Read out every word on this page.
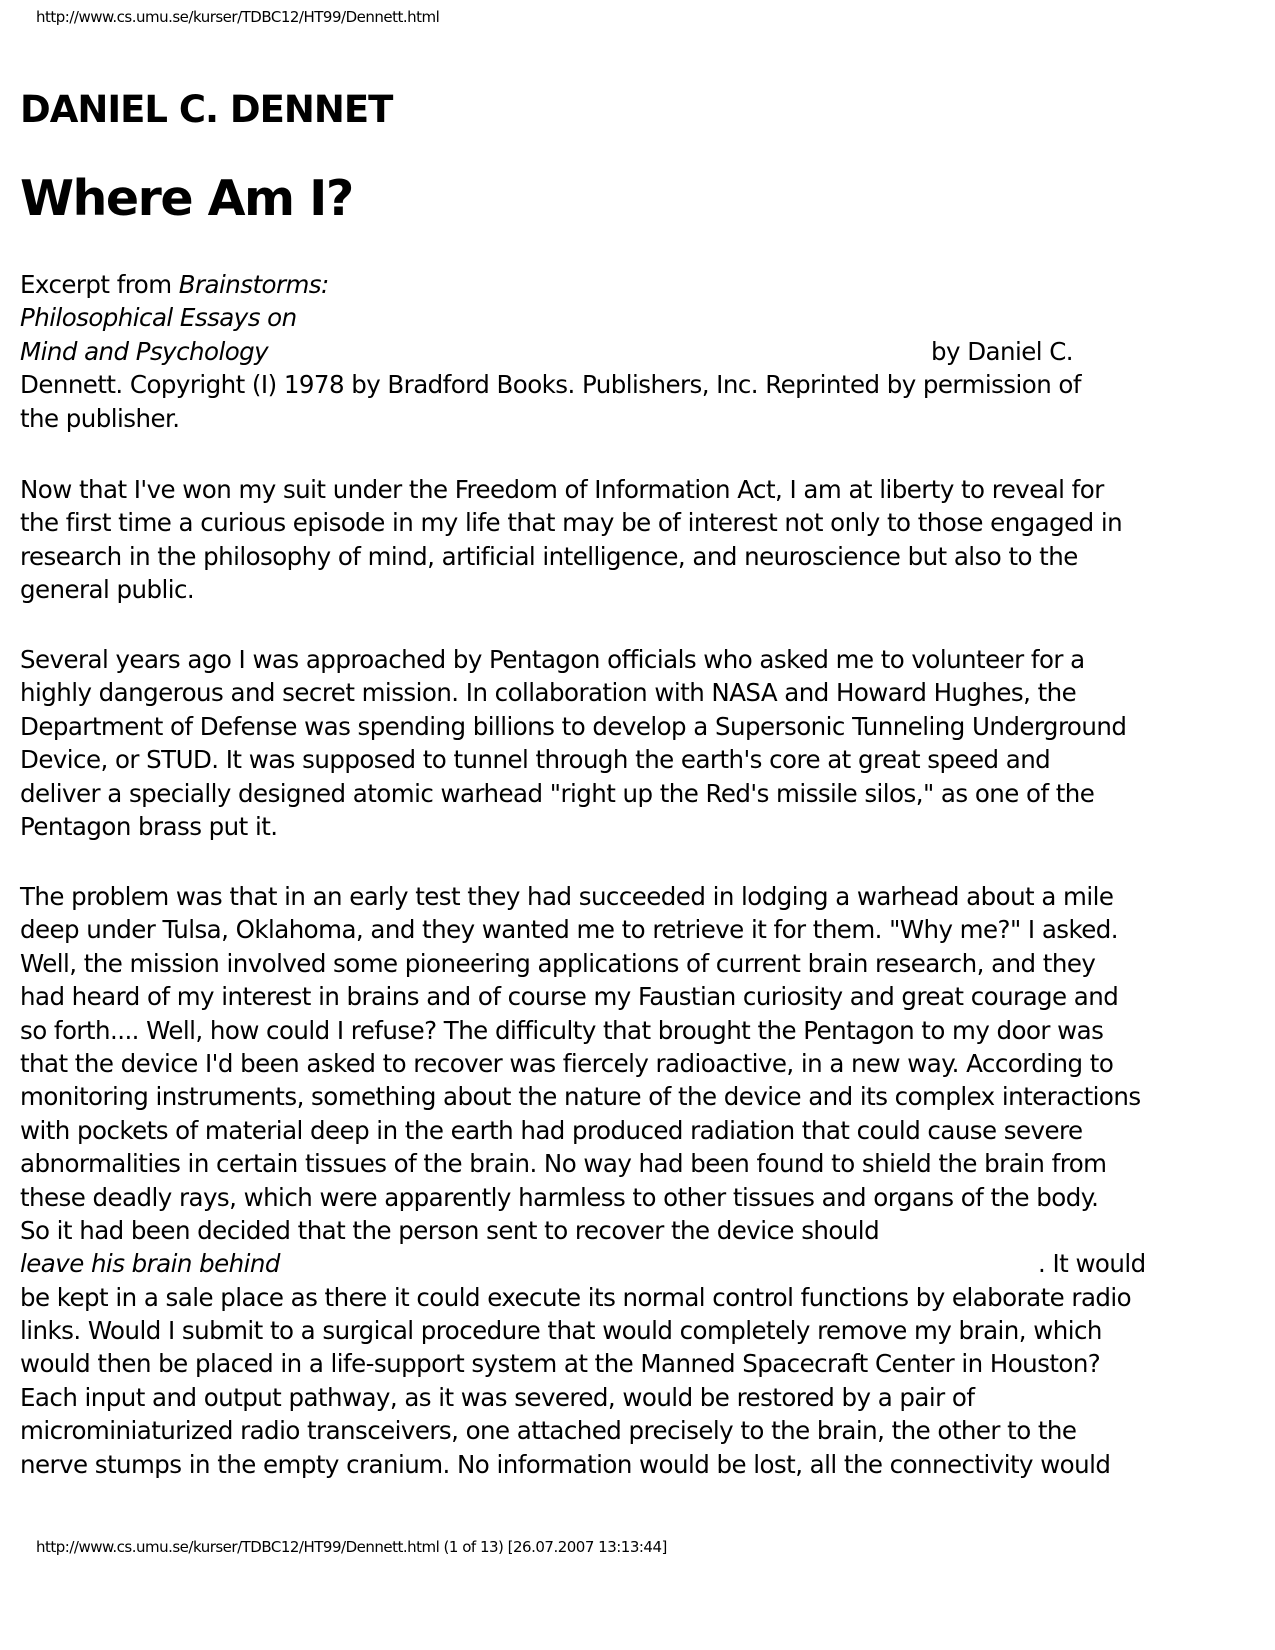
http://www.cs.umu.se/kurser/TDBC12/HT99/Dennett.html
DANIEL C. DENNET
Where Am I?
Excerpt from Brainstorms:
Philosophical Essays on
Mind and Psychology	by Daniel C.
Dennett. Copyright (I) 1978 by Bradford Books. Publishers, Inc. Reprinted by permission of
the publisher.
Now that I've won my suit under the Freedom of Information Act, I am at liberty to reveal for
the first time a curious episode in my life that may be of interest not only to those engaged in
research in the philosophy of mind, artificial intelligence, and neuroscience but also to the
general public.
Several years ago I was approached by Pentagon officials who asked me to volunteer for a
highly dangerous and secret mission. In collaboration with NASA and Howard Hughes, the
Department of Defense was spending billions to develop a Supersonic Tunneling Underground
Device, or STUD. It was supposed to tunnel through the earth's core at great speed and
deliver a specially designed atomic warhead "right up the Red's missile silos," as one of the
Pentagon brass put it.
The problem was that in an early test they had succeeded in lodging a warhead about a mile
deep under Tulsa, Oklahoma, and they wanted me to retrieve it for them. "Why me?" I asked.
Well, the mission involved some pioneering applications of current brain research, and they
had heard of my interest in brains and of course my Faustian curiosity and great courage and
so forth.... Well, how could I refuse? The difficulty that brought the Pentagon to my door was
that the device I'd been asked to recover was fiercely radioactive, in a new way. According to
monitoring instruments, something about the nature of the device and its complex interactions
with pockets of material deep in the earth had produced radiation that could cause severe
abnormalities in certain tissues of the brain. No way had been found to shield the brain from
these deadly rays, which were apparently harmless to other tissues and organs of the body.
So it had been decided that the person sent to recover the device should
leave his brain behind	. It would
be kept in a sale place as there it could execute its normal control functions by elaborate radio
links. Would I submit to a surgical procedure that would completely remove my brain, which
would then be placed in a life-support system at the Manned Spacecraft Center in Houston?
Each input and output pathway, as it was severed, would be restored by a pair of
microminiaturized radio transceivers, one attached precisely to the brain, the other to the
nerve stumps in the empty cranium. No information would be lost, all the connectivity would
http://www.cs.umu.se/kurser/TDBC12/HT99/Dennett.html (1 of 13) [26.07.2007 13:13:44]
